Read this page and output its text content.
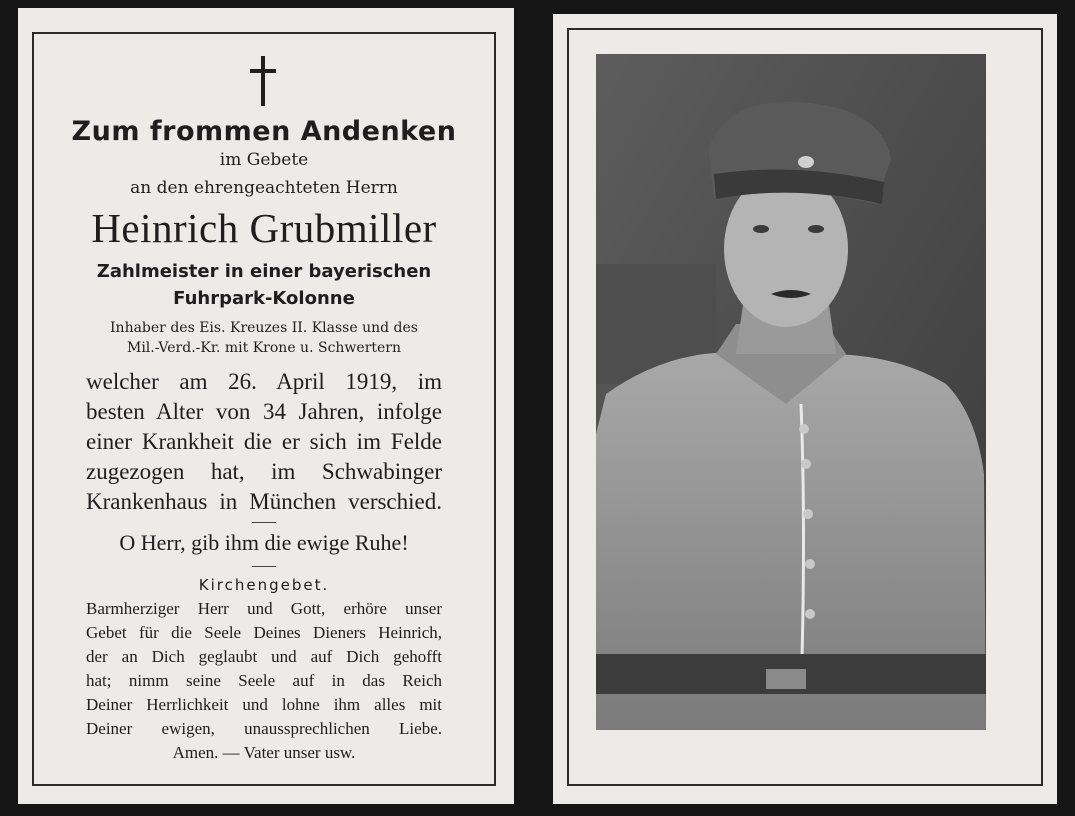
Zum frommen Andenken
im Gebete
an den ehrengeachteten Herrn
Heinrich Grubmiller
Zahlmeister in einer bayerischen
Fuhrpark-Kolonne
Inhaber des Eis. Kreuzes II. Klasse und des
Mil.-Verd.-Kr. mit Krone u. Schwertern
welcher am 26. April 1919, im
besten Alter von 34 Jahren, infolge
einer Krankheit die er sich im Felde
zugezogen hat, im Schwabinger
Krankenhaus in München verschied.
O Herr, gib ihm die ewige Ruhe!
Kirchengebet.
Barmherziger Herr und Gott, erhöre unser
Gebet für die Seele Deines Dieners Heinrich,
der an Dich geglaubt und auf Dich gehofft
hat; nimm seine Seele auf in das Reich
Deiner Herrlichkeit und lohne ihm alles mit
Deiner ewigen, unaussprechlichen Liebe.
Amen. — Vater unser usw.
